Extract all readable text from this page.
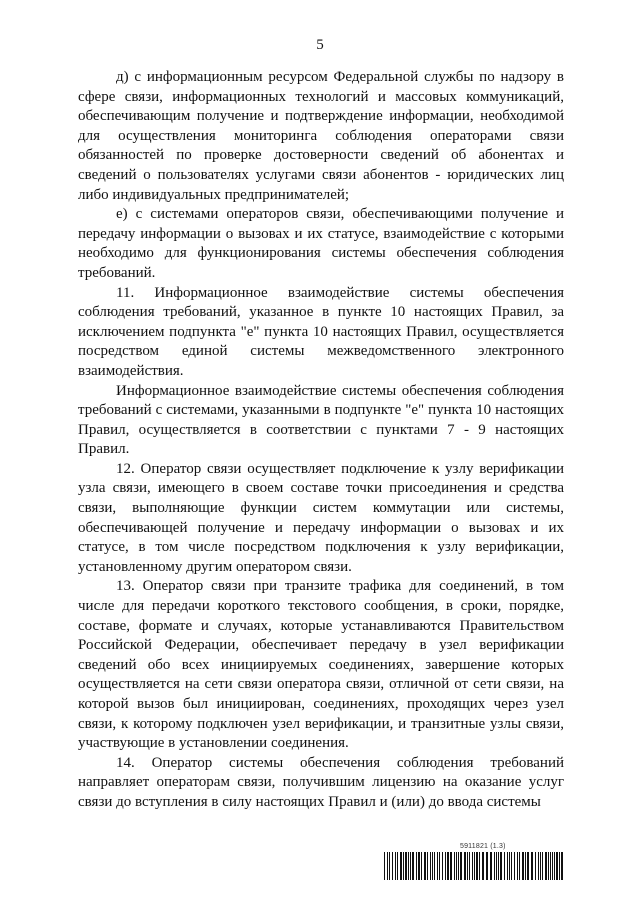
5

д) с информационным ресурсом Федеральной службы по надзору в сфере связи, информационных технологий и массовых коммуникаций, обеспечивающим получение и подтверждение информации, необходимой для осуществления мониторинга соблюдения операторами связи обязанностей по проверке достоверности сведений об абонентах и сведений о пользователях услугами связи абонентов - юридических лиц либо индивидуальных предпринимателей;

е) с системами операторов связи, обеспечивающими получение и передачу информации о вызовах и их статусе, взаимодействие с которыми необходимо для функционирования системы обеспечения соблюдения требований.

11. Информационное взаимодействие системы обеспечения соблюдения требований, указанное в пункте 10 настоящих Правил, за исключением подпункта "е" пункта 10 настоящих Правил, осуществляется посредством единой системы межведомственного электронного взаимодействия.

Информационное взаимодействие системы обеспечения соблюдения требований с системами, указанными в подпункте "е" пункта 10 настоящих Правил, осуществляется в соответствии с пунктами 7 - 9 настоящих Правил.

12. Оператор связи осуществляет подключение к узлу верификации узла связи, имеющего в своем составе точки присоединения и средства связи, выполняющие функции систем коммутации или системы, обеспечивающей получение и передачу информации о вызовах и их статусе, в том числе посредством подключения к узлу верификации, установленному другим оператором связи.

13. Оператор связи при транзите трафика для соединений, в том числе для передачи короткого текстового сообщения, в сроки, порядке, составе, формате и случаях, которые устанавливаются Правительством Российской Федерации, обеспечивает передачу в узел верификации сведений обо всех инициируемых соединениях, завершение которых осуществляется на сети связи оператора связи, отличной от сети связи, на которой вызов был инициирован, соединениях, проходящих через узел связи, к которому подключен узел верификации, и транзитные узлы связи, участвующие в установлении соединения.

14. Оператор системы обеспечения соблюдения требований направляет операторам связи, получившим лицензию на оказание услуг связи до вступления в силу настоящих Правил и (или) до ввода системы

5911821 (1.3)
